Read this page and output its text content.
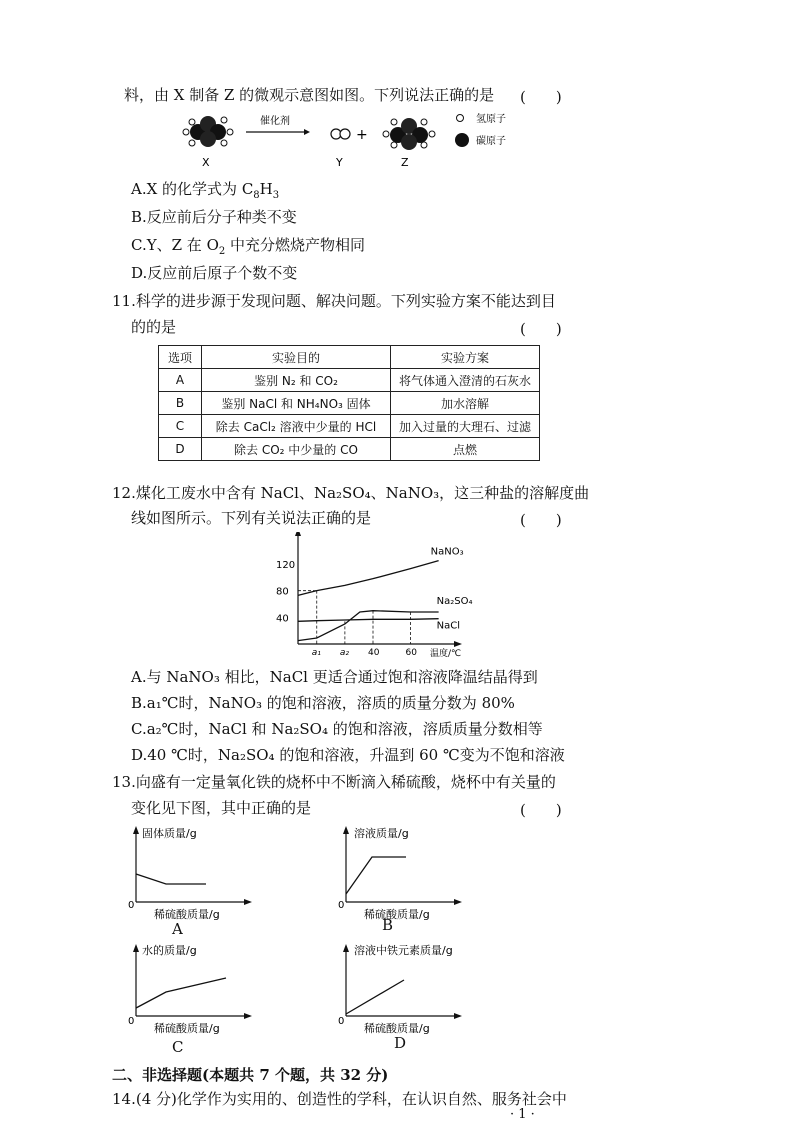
料，由 X 制备 Z 的微观示意图如图。下列说法正确的是 (　　)
X
催化剂
Y
+
Z
氢原子
碳原子
A.X 的化学式为 $C_8H_3$
B.反应前后分子种类不变
C.Y、Z 在 $O_2$ 中充分燃烧产物相同
D.反应前后原子个数不变
11.科学的进步源于发现问题、解决问题。下列实验方案不能达到目
的的是	(　　)
选项	实验目的	实验方案
A	鉴别 N₂ 和 CO₂	将气体通入澄清的石灰水
B	鉴别 NaCl 和 NH₄NO₃ 固体	加水溶解
C	除去 CaCl₂ 溶液中少量的 HCl	加入过量的大理石、过滤
D	除去 CO₂ 中少量的 CO	点燃
12.煤化工废水中含有 NaCl、Na₂SO₄、NaNO₃，这三种盐的溶解度曲
线如图所示。下列有关说法正确的是	(　　)
40
80
120
a₁ a₂ 40	60 温度/℃
NaNO₃
Na₂SO₄
NaCl
A.与 NaNO₃ 相比，NaCl 更适合通过饱和溶液降温结晶得到
B.a₁℃时，NaNO₃ 的饱和溶液，溶质的质量分数为 80%
C.a₂℃时，NaCl 和 Na₂SO₄ 的饱和溶液，溶质质量分数相等
D.40 ℃时，Na₂SO₄ 的饱和溶液，升温到 60 ℃变为不饱和溶液
13.向盛有一定量氧化铁的烧杯中不断滴入稀硫酸，烧杯中有关量的
变化见下图，其中正确的是	(　　)
固体质量/g
0
稀硫酸质量/g
A
溶液质量/g
0
稀硫酸质量/g
B
水的质量/g
0
稀硫酸质量/g
C
溶液中铁元素质量/g
0
稀硫酸质量/g
D
二、非选择题(本题共 7 个题，共 32 分)
14.(4 分)化学作为实用的、创造性的学科，在认识自然、服务社会中
· 1 ·
